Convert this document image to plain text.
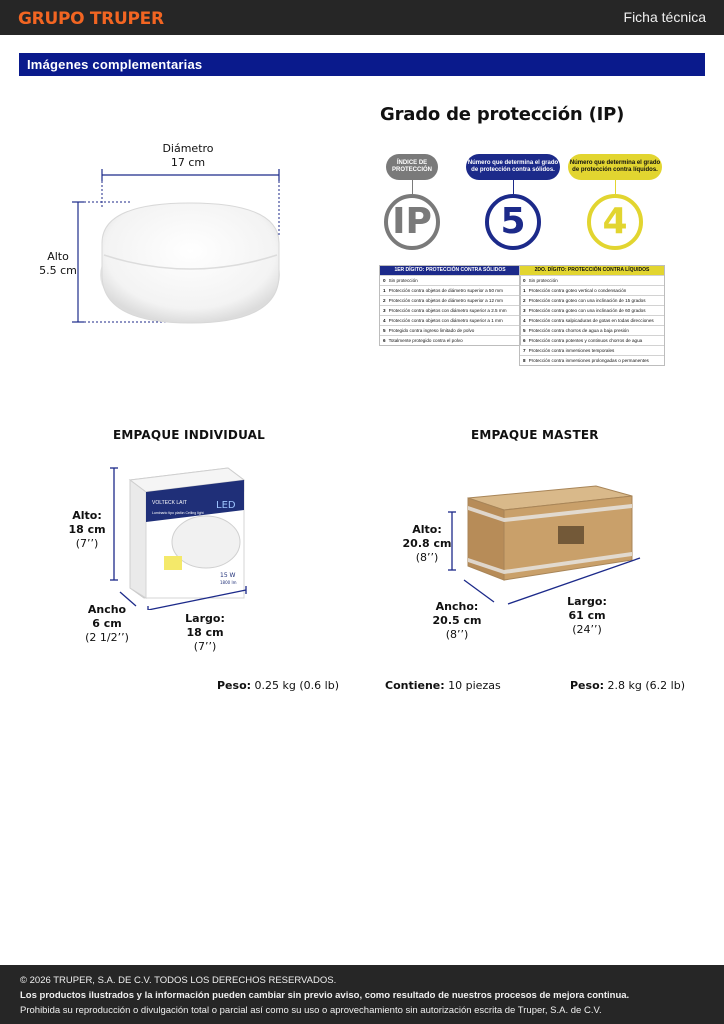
GRUPO TRUPER	Ficha técnica
Imágenes complementarias
Diámetro
17 cm
Alto
5.5 cm
Grado de protección (IP)
ÍNDICE DE PROTECCIÓN
Número que determina el grado de protección contra sólidos.
Número que determina el grado de protección contra líquidos.
IP	5	4
1ER DÍGITO: PROTECCIÓN CONTRA SÓLIDOS
0 Sin protección
1 Protección contra objetos de diámetro superior a 50 mm
2 Protección contra objetos de diámetro superior a 12 mm
3 Protección contra objetos con diámetro superior a 2.5 mm
4 Protección contra objetos con diámetro superior a 1 mm
5 Protegido contra ingreso limitado de polvo
6 Totalmente protegido contra el polvo
2DO. DÍGITO: PROTECCIÓN CONTRA LÍQUIDOS
0 Sin protección
1 Protección contra goteo vertical o condensación
2 Protección contra goteo con una inclinación de 15 grados
3 Protección contra goteo con una inclinación de 60 grados
4 Protección contra salpicaduras de gotas en todas direcciones
5 Protección contra chorros de agua a baja presión
6 Protección contra potentes y continuos chorros de agua
7 Protección contra inmersiones temporales
8 Protección contra inmersiones prolongadas o permanentes
EMPAQUE INDIVIDUAL
VOLTECK LAIT	LED
Luminario tipo plafón Ceiling light
15 W
1800 lm
Alto:
18 cm
(7’’)
Ancho
6 cm
(2 1/2’’)
Largo:
18 cm
(7’’)
Peso: 0.25 kg (0.6 lb)
EMPAQUE MASTER
Alto:
20.8 cm
(8’’)
Ancho:
20.5 cm
(8’’)
Largo:
61 cm
(24’’)
Contiene: 10 piezas	Peso: 2.8 kg (6.2 lb)
© 2026 TRUPER, S.A. DE C.V. TODOS LOS DERECHOS RESERVADOS.
Los productos ilustrados y la información pueden cambiar sin previo aviso, como resultado de nuestros procesos de mejora continua.
Prohibida su reproducción o divulgación total o parcial así como su uso o aprovechamiento sin autorización escrita de Truper, S.A. de C.V.
